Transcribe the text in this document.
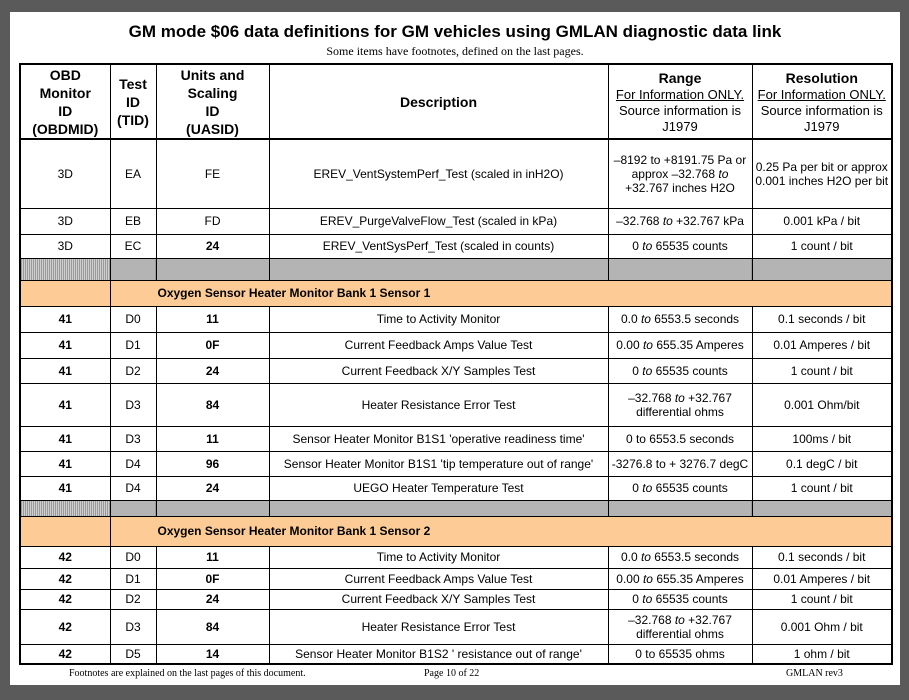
GM mode $06 data definitions for GM vehicles using GMLAN diagnostic data link
Some items have footnotes, defined on the last pages.
OBD
Monitor
ID
(OBDMID)	Test
ID
(TID)	Units and
Scaling
ID
(UASID)	Description	Range
For Information ONLY.
Source information is J1979	Resolution
For Information ONLY.
Source information is J1979

3D	EA	FE	EREV_VentSystemPerf_Test (scaled in inH2O)	–8192 to +8191.75 Pa or approx –32.768 to +32.767 inches H2O	0.25 Pa per bit or approx 0.001 inches H2O per bit
3D	EB	FD	EREV_PurgeValveFlow_Test (scaled in kPa)	–32.768 to +32.767 kPa	0.001 kPa / bit
3D	EC	24	EREV_VentSysPerf_Test (scaled in counts)	0 to 65535 counts	1 count / bit

	Oxygen Sensor Heater Monitor Bank 1 Sensor 1				
41	D0	11	Time to Activity Monitor	0.0 to 6553.5 seconds	0.1 seconds / bit
41	D1	0F	Current Feedback Amps Value Test	0.00 to 655.35 Amperes	0.01 Amperes / bit
41	D2	24	Current Feedback X/Y Samples Test	0 to 65535 counts	1 count / bit
41	D3	84	Heater Resistance Error Test	–32.768 to +32.767 differential ohms	0.001 Ohm/bit
41	D3	11	Sensor Heater Monitor B1S1 'operative readiness time'	0 to 6553.5 seconds	100ms / bit
41	D4	96	Sensor Heater Monitor B1S1 'tip temperature out of range'	-3276.8 to + 3276.7 degC	0.1 degC / bit
41	D4	24	UEGO Heater Temperature Test	0 to 65535 counts	1 count / bit

	Oxygen Sensor Heater Monitor Bank 1 Sensor 2				
42	D0	11	Time to Activity Monitor	0.0 to 6553.5 seconds	0.1 seconds / bit
42	D1	0F	Current Feedback Amps Value Test	0.00 to 655.35 Amperes	0.01 Amperes / bit
42	D2	24	Current Feedback X/Y Samples Test	0 to 65535 counts	1 count / bit
42	D3	84	Heater Resistance Error Test	–32.768 to +32.767 differential ohms	0.001 Ohm / bit
42	D5	14	Sensor Heater Monitor B1S2 ' resistance out of range'	0 to 65535 ohms	1 ohm / bit
Footnotes are explained on the last pages of this document.	Page 10 of 22	GMLAN rev3
